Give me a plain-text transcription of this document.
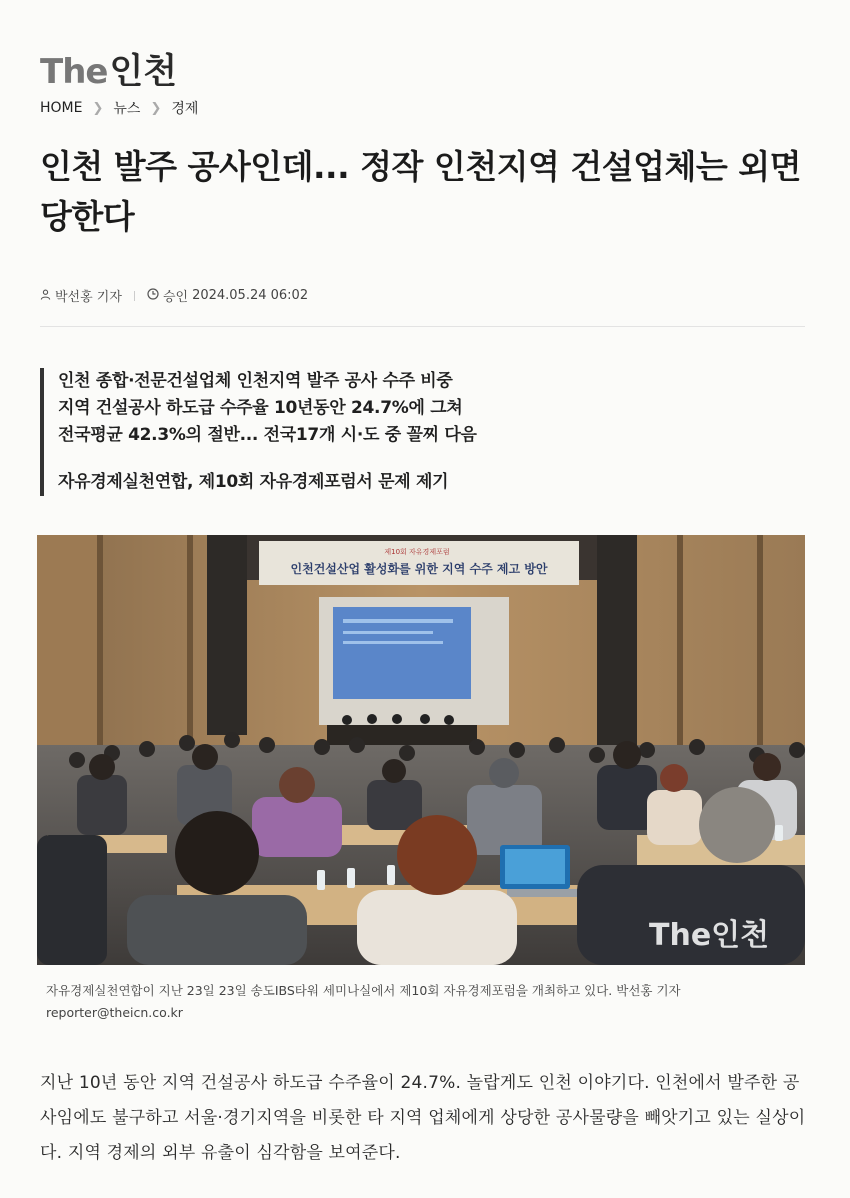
The 인천
HOME ❯ 뉴스 ❯ 경제
인천 발주 공사인데... 정작 인천지역 건설업체는 외면당한다
박선홍 기자	승인 2024.05.24 06:02
인천 종합·전문건설업체 인천지역 발주 공사 수주 비중
지역 건설공사 하도급 수주율 10년동안 24.7%에 그쳐
전국평균 42.3%의 절반... 전국17개 시·도 중 꼴찌 다음
자유경제실천연합, 제10회 자유경제포럼서 문제 제기
제10회 자유경제포럼
인천건설산업 활성화를 위한 지역 수주 제고 방안
The인천

자유경제실천연합이 지난 23일 23일 송도IBS타워 세미나실에서 제10회 자유경제포럼을 개최하고 있다. 박선홍 기자 reporter@theicn.co.kr

지난 10년 동안 지역 건설공사 하도급 수주율이 24.7%. 놀랍게도 인천 이야기다. 인천에서 발주한 공사임에도 불구하고 서울·경기지역을 비롯한 타 지역 업체에게 상당한 공사물량을 빼앗기고 있는 실상이다. 지역 경제의 외부 유출이 심각함을 보여준다.
